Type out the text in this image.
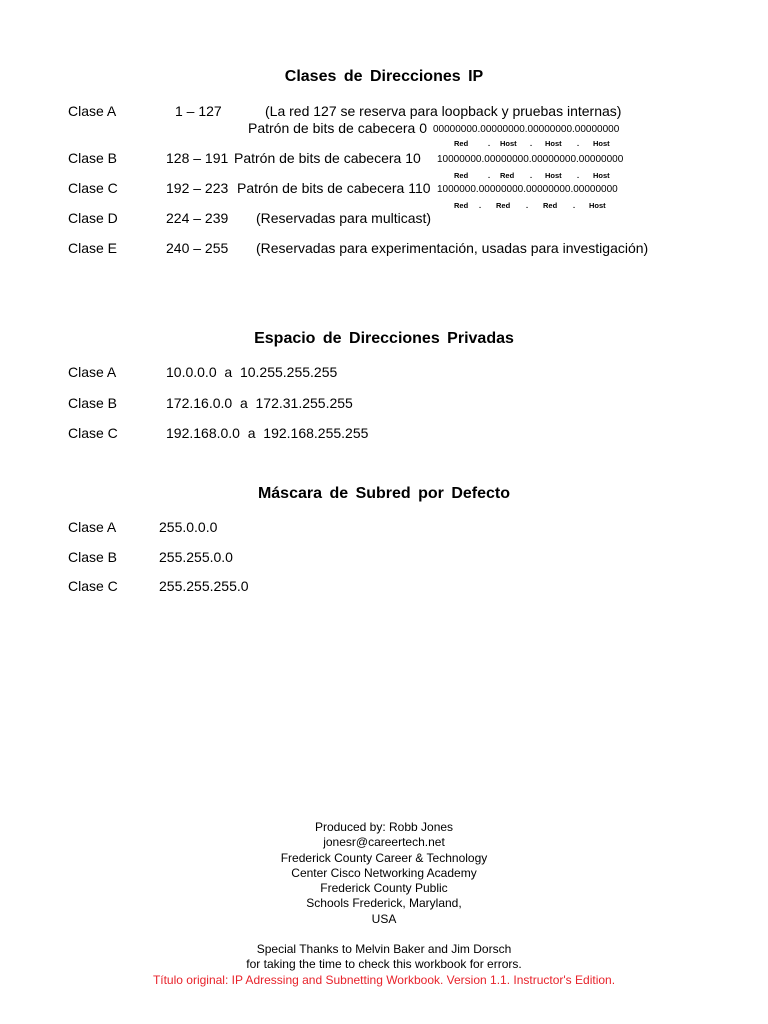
Clases de Direcciones IP
Clase A	1 – 127	(La red 127 se reserva para loopback y pruebas internas)
Patrón de bits de cabecera 0 00000000.00000000.00000000.00000000
Red	. Host . Host . Host
Clase B	128 – 191 Patrón de bits de cabecera 10 10000000.00000000.00000000.00000000
Red	. Red . Host . Host
Clase C	192 – 223 Patrón de bits de cabecera 110 1000000.00000000.00000000.00000000
Red . Red . Red . Host
Clase D	224 – 239 (Reservadas para multicast)
Clase E	240 – 255 (Reservadas para experimentación, usadas para investigación)
Espacio de Direcciones Privadas
Clase A	10.0.0.0  a  10.255.255.255
Clase B	172.16.0.0  a  172.31.255.255
Clase C	192.168.0.0  a  192.168.255.255
Máscara de Subred por Defecto
Clase A	255.0.0.0
Clase B	255.255.0.0
Clase C	255.255.255.0
Produced by: Robb Jones
jonesr@careertech.net
Frederick County Career & Technology
Center Cisco Networking Academy
Frederick County Public
Schools Frederick, Maryland,
USA
Special Thanks to Melvin Baker and Jim Dorsch
for taking the time to check this workbook for errors.
Título original: IP Adressing and Subnetting Workbook. Version 1.1. Instructor's Edition.
